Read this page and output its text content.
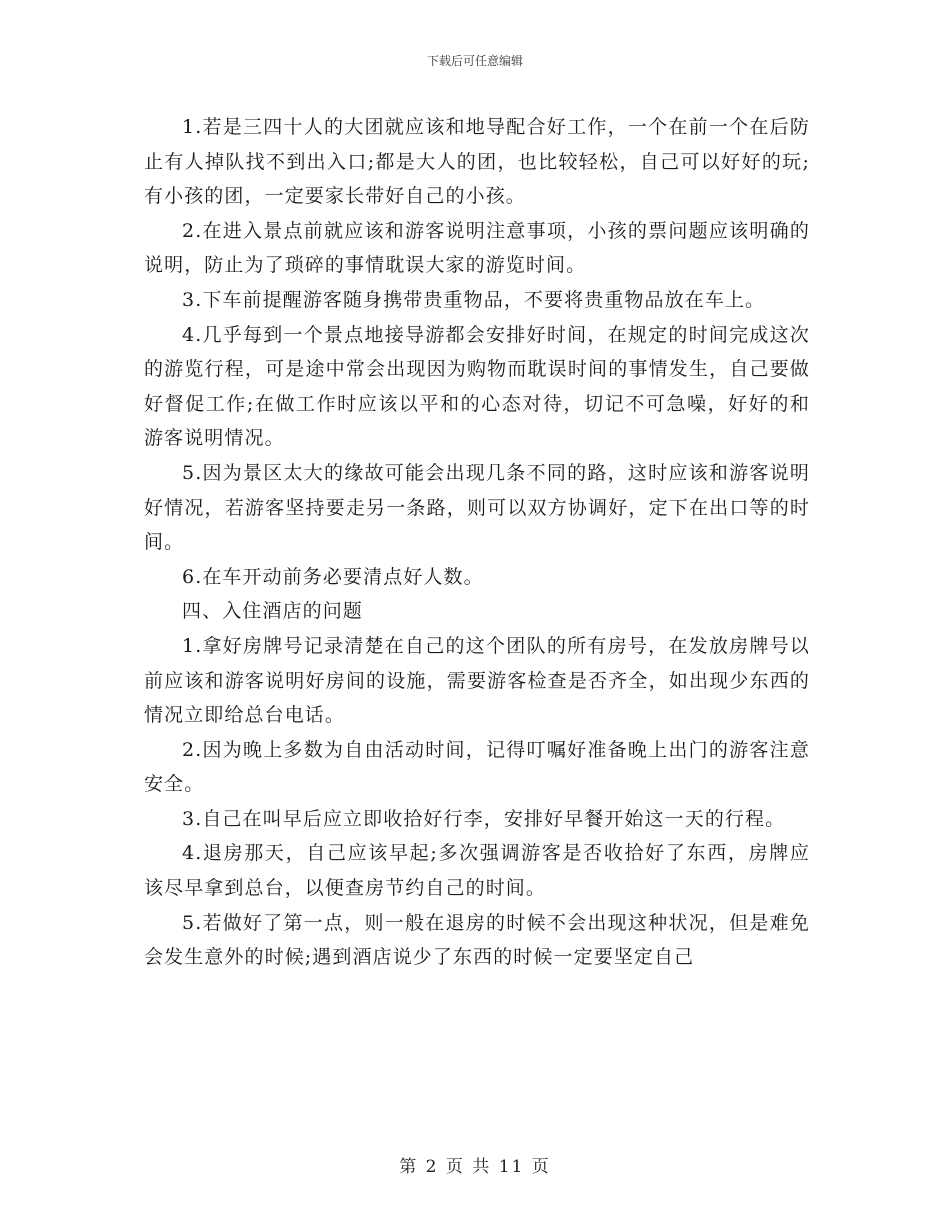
下载后可任意编辑

1.若是三四十人的大团就应该和地导配合好工作，一个在前一个在后防止有人掉队找不到出入口;都是大人的团，也比较轻松，自己可以好好的玩;有小孩的团，一定要家长带好自己的小孩。

2.在进入景点前就应该和游客说明注意事项，小孩的票问题应该明确的说明，防止为了琐碎的事情耽误大家的游览时间。

3.下车前提醒游客随身携带贵重物品，不要将贵重物品放在车上。

4.几乎每到一个景点地接导游都会安排好时间，在规定的时间完成这次的游览行程，可是途中常会出现因为购物而耽误时间的事情发生，自己要做好督促工作;在做工作时应该以平和的心态对待，切记不可急噪，好好的和游客说明情况。

5.因为景区太大的缘故可能会出现几条不同的路，这时应该和游客说明好情况，若游客坚持要走另一条路，则可以双方协调好，定下在出口等的时间。

6.在车开动前务必要清点好人数。

四、入住酒店的问题

1.拿好房牌号记录清楚在自己的这个团队的所有房号，在发放房牌号以前应该和游客说明好房间的设施，需要游客检查是否齐全，如出现少东西的情况立即给总台电话。

2.因为晚上多数为自由活动时间，记得叮嘱好准备晚上出门的游客注意安全。

3.自己在叫早后应立即收拾好行李，安排好早餐开始这一天的行程。

4.退房那天，自己应该早起;多次强调游客是否收拾好了东西，房牌应该尽早拿到总台，以便查房节约自己的时间。

5.若做好了第一点，则一般在退房的时候不会出现这种状况，但是难免会发生意外的时候;遇到酒店说少了东西的时候一定要坚定自己

第 2 页 共 11 页
